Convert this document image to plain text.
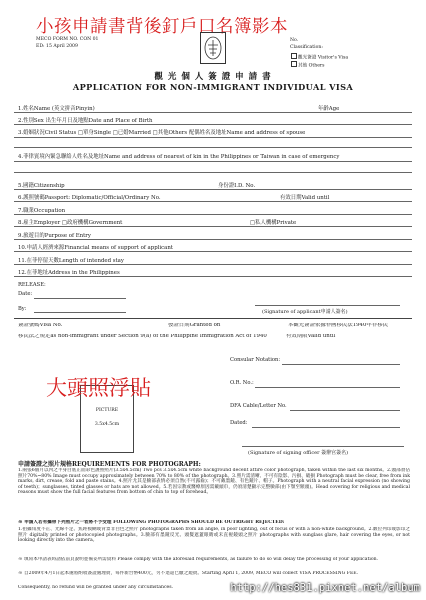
小孩申請書背後釘戶口名簿影本
MECO FORM NO. CON 01
ED: 15 April 2009
No.
Classification:
觀光簽證 Visitor's Visa
其他 Others
觀 光 個 人 簽 證 申 請 書
APPLICATION FOR NON-IMMIGRANT INDIVIDUAL VISA
1.姓名Name (英文拼音Pinyin)	年齡Age
2.性別Sex 出生年月日及地點Date and Place of Birth
3.婚姻狀況Civil Status □單身Single □已婚Married □其他Others 配偶姓名及地址Name and address of spouse
4.菲律賓境內緊急聯絡人姓名及地址Name and address of nearest of kin in the Philippines or Taiwan in case of emergency
5.國籍Citizenship	身份證I.D. No.
6.護照號碼Passport: Diplomatic/Official/Ordinary No.	有效日期Valid until
7.職業Occupation
8.雇主Employer □政府機構Government	□私人機構Private
9.旅遊目的Purpose of Entry
10.申請人經濟來源Financial means of support of applicant
11.在菲停留天數Length of intended stay
12.在菲地址Address in the Philippines
RELEASE:
Date:
By:	(Signature of applicant申請人簽名)
簽證號碼Visa No.	發證日期Granted on	本觀光簽證依據菲國移民法1940年非移民
移民法之規定as non-immigrant under Section 9(a) of the Philippine Immigration Act of 1940	有效期限Valid until
PICTURE
3.5x4.5cm
大頭照浮貼
Consular Notation:
O.R. No.:
DFA Cable/Letter No.
Dated:
(Signature of signing officer 簽辦官簽名)
申請簽證之照片規格REQUIREMENTS FOR PHOTOGRAPH:
1.兩張6個月以內之半身白底正面彩色護照照片(3.5x4.5cm) Two pcs 3.5x4.5cm white background decent attire color photograph, taken within the last six months。2.頭部須佔照片70%~80% Image must occupy approximately between 70% to 80% of the photograph。3.照片需清晰、不可有陰影、污損、破損 Photograph must be clear, free from ink marks, dirt, crease, fold and paste stains。4.照片尤其是臉部表情必須自然(不可露齒)；不可戴墨鏡、有色鏡片、帽子。Photograph with a neutral facial expression (no showing of teeth)；sunglasses, tinted glasses or hats are not allowed。5.若因宗教或醫療原因需戴頭巾，仍須清楚顯示完整臉部(由下顎至額頭)。Head covering for religious and medical reasons must show the full facial features from bottom of chin to top of forehead。
※ 申請人若有攜帶下列照片之一者將不予受理 FOLLOWING PHOTOGRAPHS SHOULD BE OUTRIGHT REJECTED:
1.拍攝角度不正、光線不足、焦距模糊或背景非白色之照片 photographs taken from an angle, in poor lighting, out of focus or with a non-white background。2.數位列印或影印之照片 digitally printed or photocopied photographs。3.臉部有墨鏡反光、頭髮遮蓋眼睛或未直視鏡頭之照片 photographs with sunglass glare, hair covering the eyes, or not looking directly into the camera。
※ 填寫本申請表時請依前頁說明並備妥所需資料 Please comply with the aforesaid requirements, as failure to do so will delay the processing of your application.
※ 自2009年4月1日起本處將酌收簽證處理費，每件新台幣400元，另不退還已繳之規費。Starting April 1, 2009, MECO will collect VISA PROCESSING FEE.
Consequently, no refund will be granted under any circumstances.	http://hes831.pixnet.net/album
